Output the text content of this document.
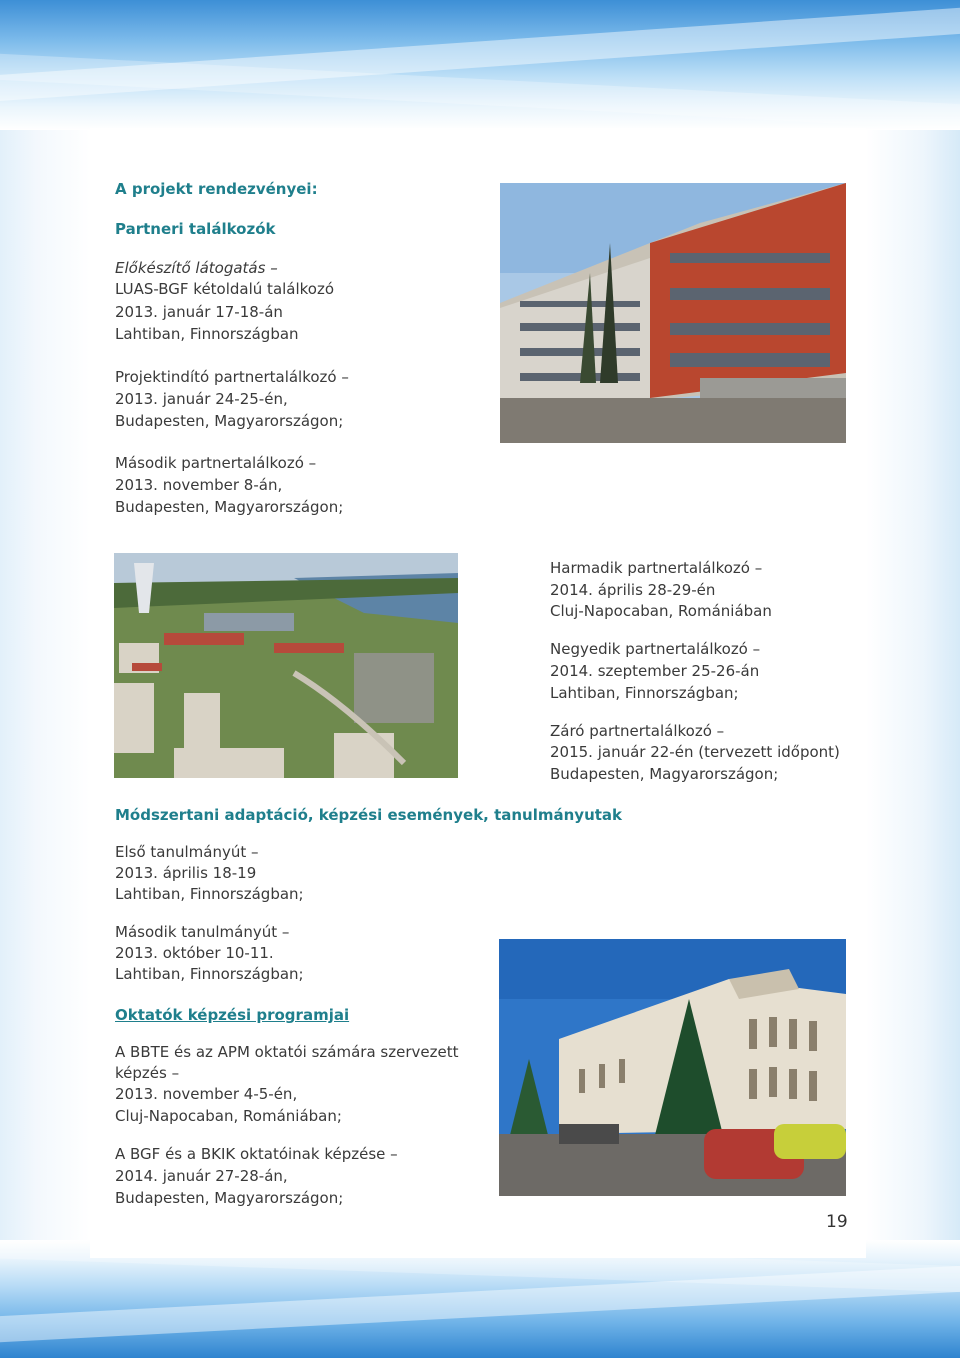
A projekt rendezvényei:
Partneri találkozók
Előkészítő látogatás –
LUAS-BGF kétoldalú találkozó
2013. január 17-18-án
Lahtiban, Finnországban
Projektindító partnertalálkozó –
2013. január 24-25-én,
Budapesten, Magyarországon;
Második partnertalálkozó –
2013. november 8-án,
Budapesten, Magyarországon;
Harmadik partnertalálkozó –
2014. április 28-29-én
Cluj-Napocaban, Romániában
Negyedik partnertalálkozó –
2014. szeptember 25-26-án
Lahtiban, Finnországban;
Záró partnertalálkozó –
2015. január 22-én (tervezett időpont)
Budapesten, Magyarországon;
Módszertani adaptáció, képzési események, tanulmányutak
Első tanulmányút –
2013. április 18-19
Lahtiban, Finnországban;
Második tanulmányút –
2013. október 10-11.
Lahtiban, Finnországban;
Oktatók képzési programjai
A BBTE és az APM oktatói számára szervezett
képzés –
2013. november 4-5-én,
Cluj-Napocaban, Romániában;
A BGF és a BKIK oktatóinak képzése –
2014. január 27-28-án,
Budapesten, Magyarországon;
19
